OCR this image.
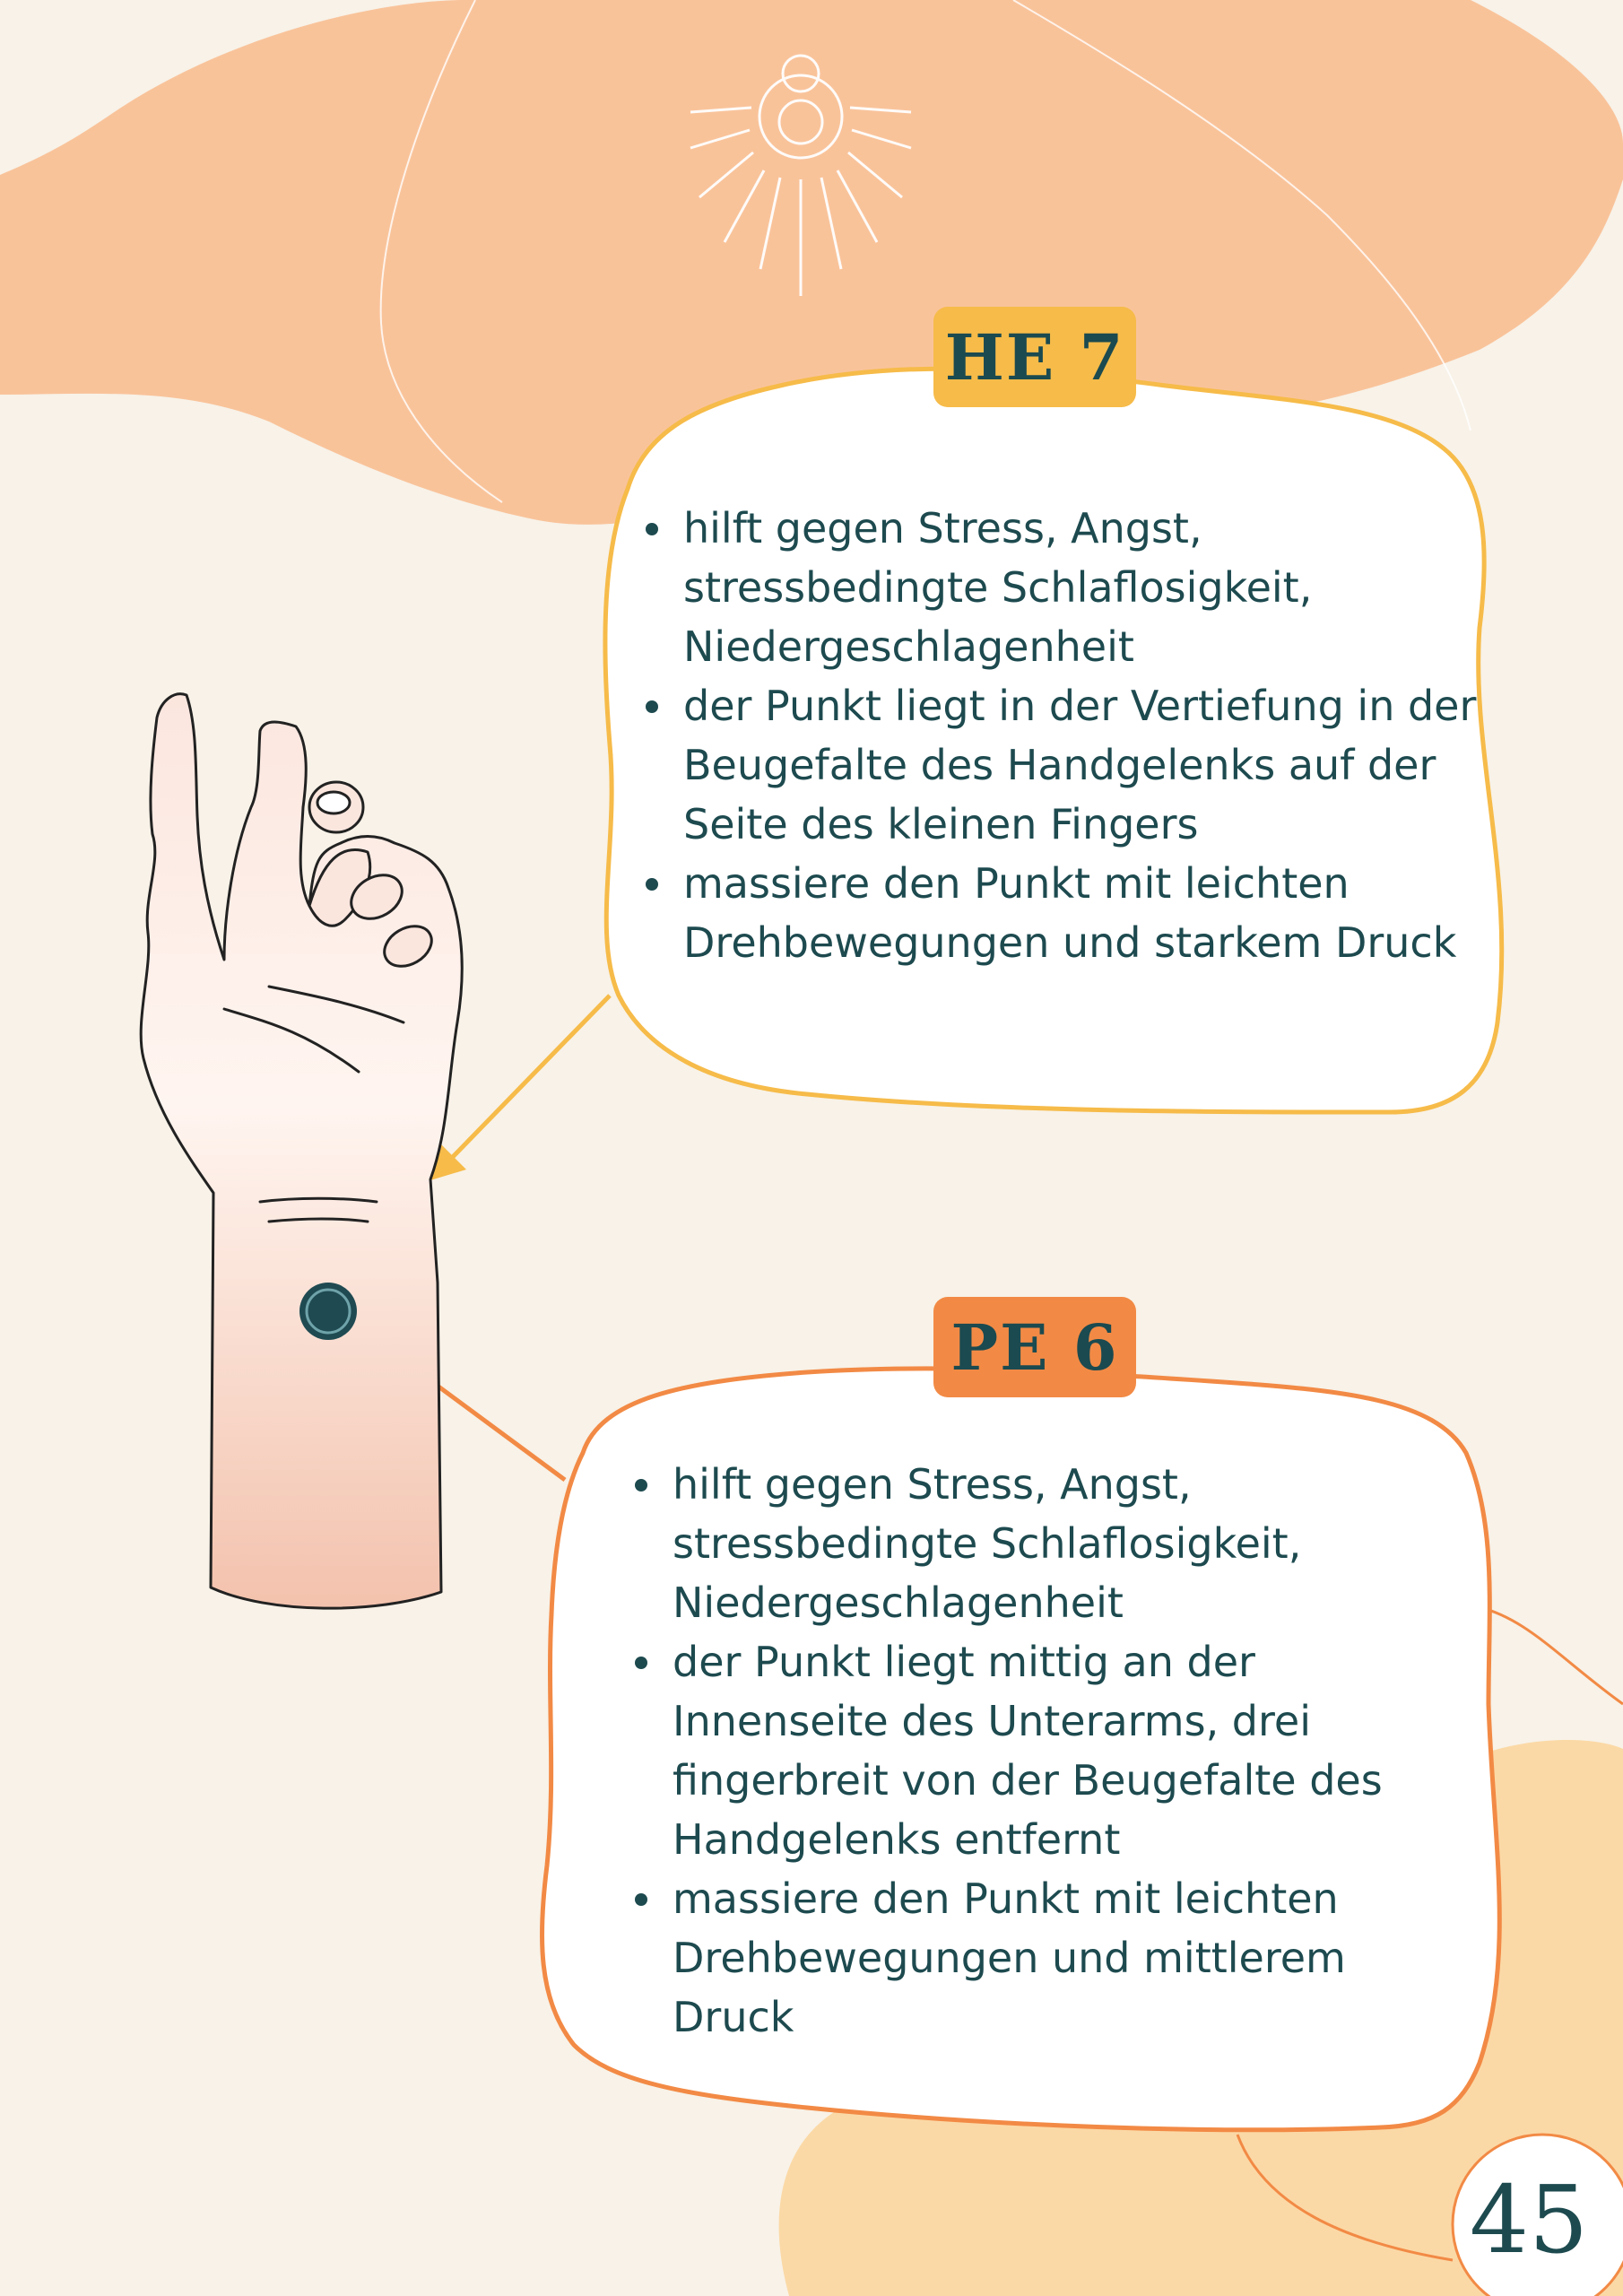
HE 7
hilft gegen Stress, Angst, stressbedingte Schlaflosigkeit, Niedergeschlagenheit
der Punkt liegt in der Vertiefung in der Beugefalte des Handgelenks auf der Seite des kleinen Fingers
massiere den Punkt mit leichten Drehbewegungen und starkem Druck
PE 6
hilft gegen Stress, Angst, stressbedingte Schlaflosigkeit, Niedergeschlagenheit
der Punkt liegt mittig an der Innenseite des Unterarms, drei fingerbreit von der Beugefalte des Handgelenks entfernt
massiere den Punkt mit leichten Drehbewegungen und mittlerem Druck
45
